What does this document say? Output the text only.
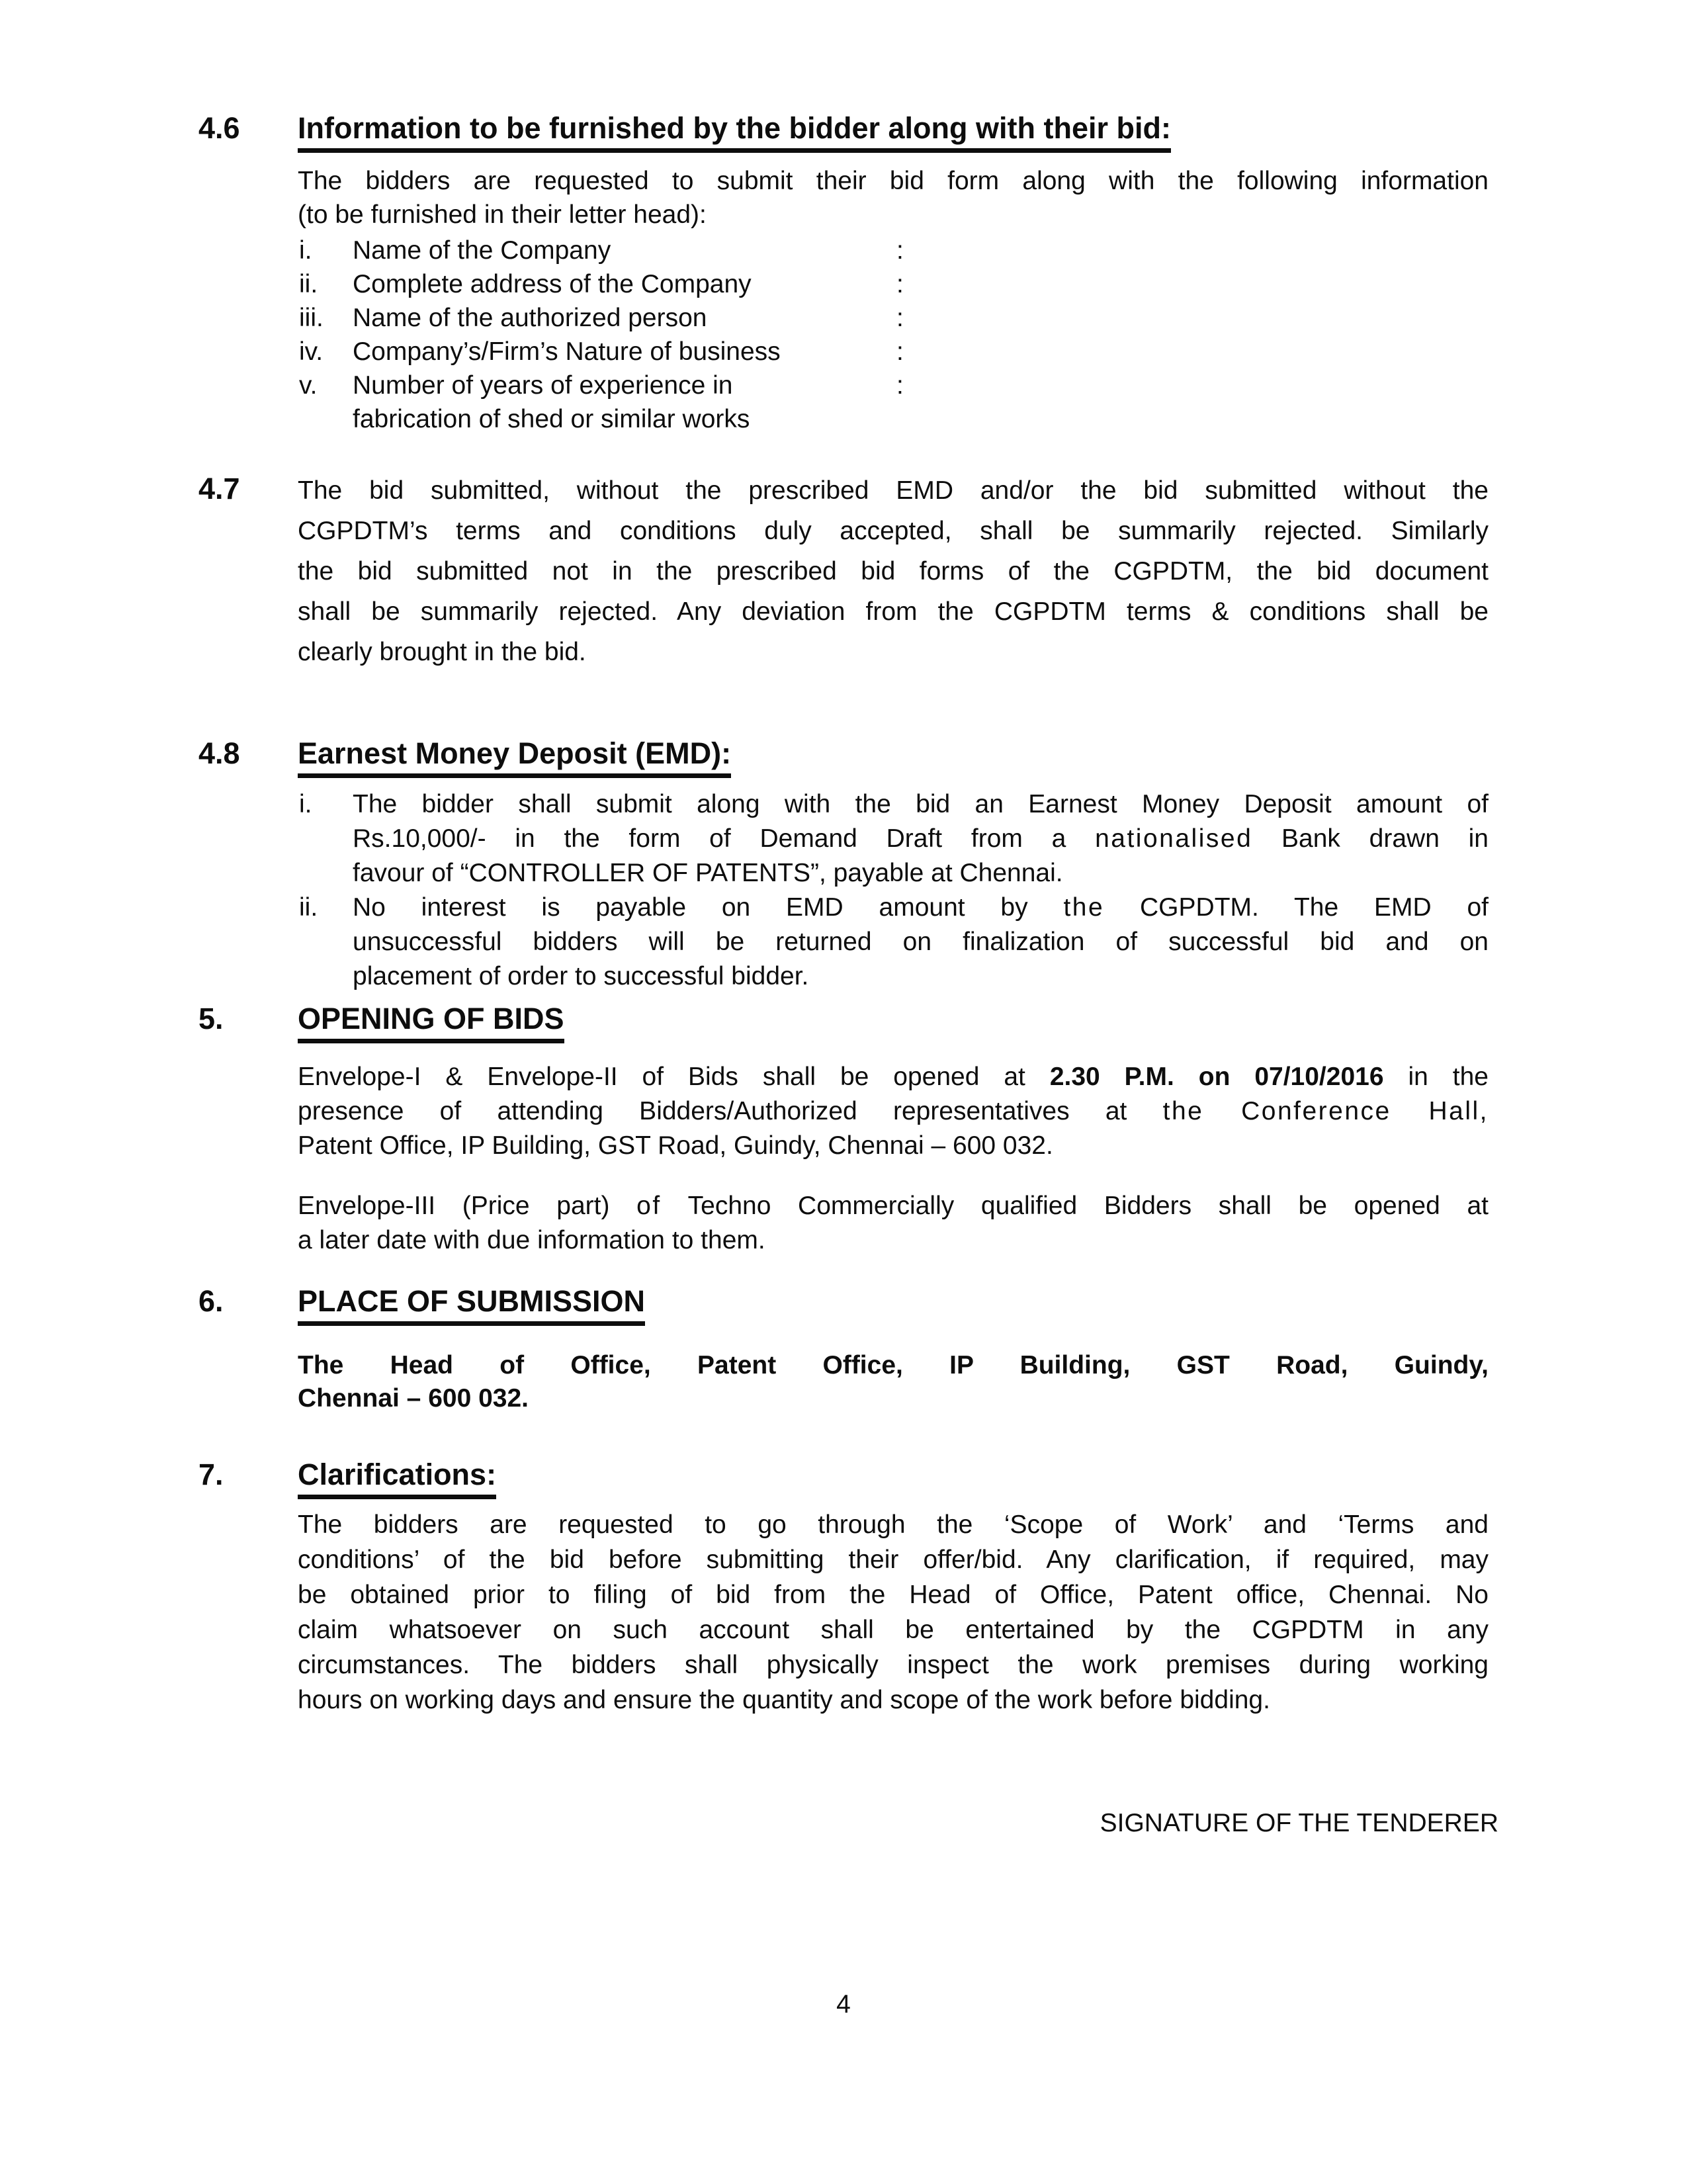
4.6	Information to be furnished by the bidder along with their bid:
The bidders are requested to submit their bid form along with the following information
(to be furnished in their letter head):
i. Name of the Company	:
ii. Complete address of the Company	:
iii. Name of the authorized person	:
iv. Company’s/Firm’s Nature of business	:
v. Number of years of experience in	:
fabrication of shed or similar works
4.7	The bid submitted, without the prescribed EMD and/or the bid submitted without the
CGPDTM’s terms and conditions duly accepted, shall be summarily rejected. Similarly
the bid submitted not in the prescribed bid forms of the CGPDTM, the bid document
shall be summarily rejected. Any deviation from the CGPDTM terms & conditions shall be
clearly brought in the bid.
4.8	Earnest Money Deposit (EMD):
i. The bidder shall submit along with the bid an Earnest Money Deposit amount of
Rs.10,000/- in the form of Demand Draft from a nationalised Bank drawn in
favour of “CONTROLLER OF PATENTS”, payable at Chennai.
ii. No interest is payable on EMD amount by the CGPDTM. The EMD of
unsuccessful bidders will be returned on finalization of successful bid and on
placement of order to successful bidder.
5.	OPENING OF BIDS
Envelope-I & Envelope-II of Bids shall be opened at 2.30 P.M. on 07/10/2016 in the
presence of attending Bidders/Authorized representatives at the Conference Hall,
Patent Office, IP Building, GST Road, Guindy, Chennai – 600 032.
Envelope-III (Price part) of Techno Commercially qualified Bidders shall be opened at
a later date with due information to them.
6.	PLACE OF SUBMISSION
The Head of Office, Patent Office, IP Building, GST Road, Guindy,
Chennai – 600 032.
7.	Clarifications:
The bidders are requested to go through the ‘Scope of Work’ and ‘Terms and
conditions’ of the bid before submitting their offer/bid. Any clarification, if required, may
be obtained prior to filing of bid from the Head of Office, Patent office, Chennai. No
claim whatsoever on such account shall be entertained by the CGPDTM in any
circumstances. The bidders shall physically inspect the work premises during working
hours on working days and ensure the quantity and scope of the work before bidding.
SIGNATURE OF THE TENDERER
4
